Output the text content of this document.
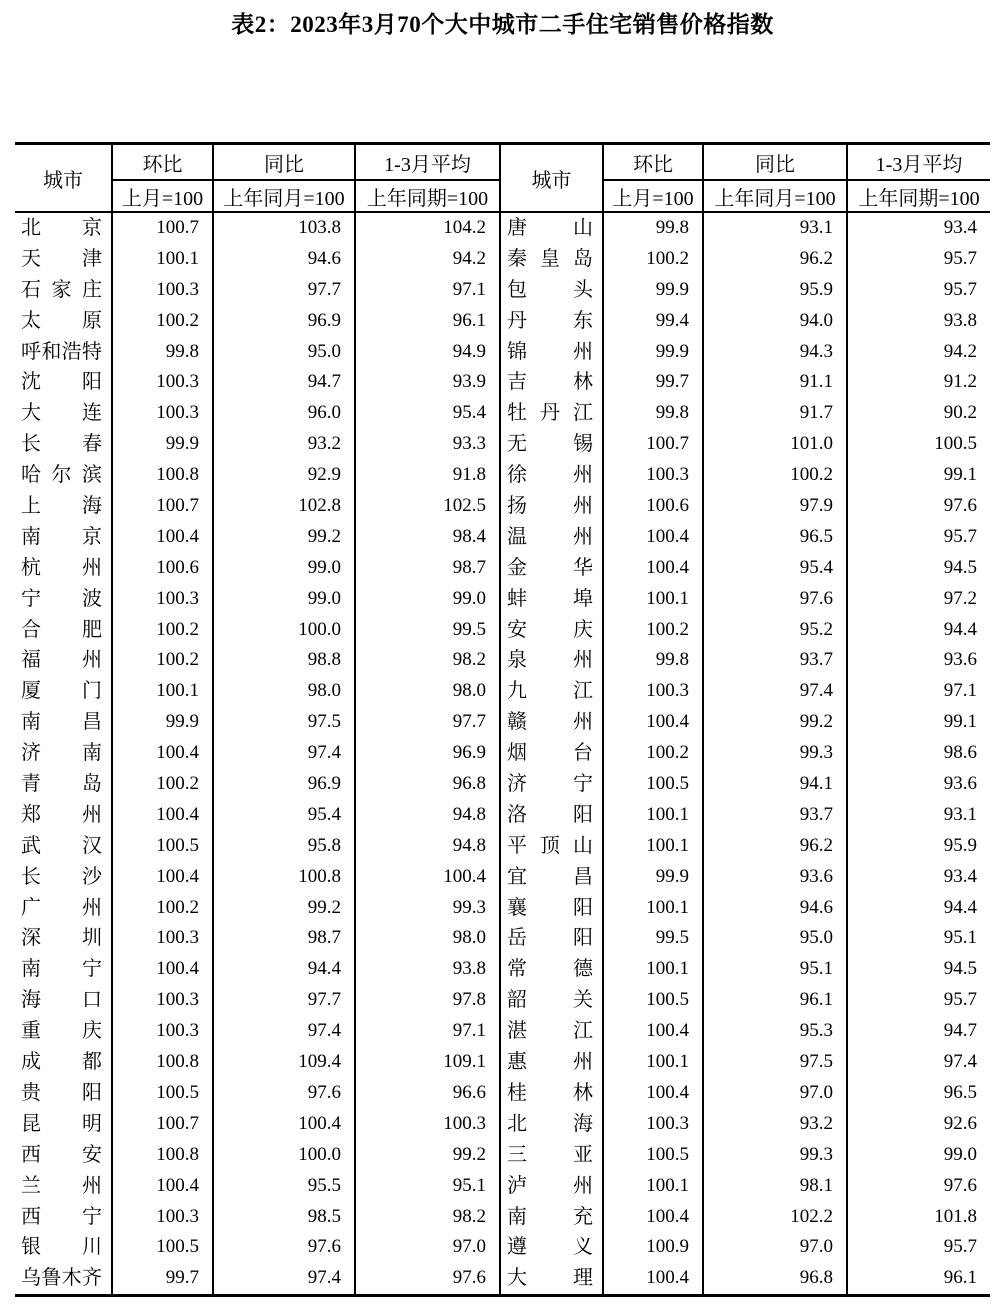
表2：2023年3月70个大中城市二手住宅销售价格指数
城市	环比	同比	1-3月平均	城市	环比	同比	1-3月平均
	上月=100	上年同月=100	上年同期=100		上月=100	上年同月=100	上年同期=100

北 京	100.7	103.8	104.2	唐 山	99.8	93.1	93.4

天 津	100.1	94.6	94.2	秦 皇 岛	100.2	96.2	95.7

石 家 庄	100.3	97.7	97.1	包 头	99.9	95.9	95.7

太 原	100.2	96.9	96.1	丹 东	99.4	94.0	93.8

呼 和 浩 特	99.8	95.0	94.9	锦 州	99.9	94.3	94.2

沈 阳	100.3	94.7	93.9	吉 林	99.7	91.1	91.2

大 连	100.3	96.0	95.4	牡 丹 江	99.8	91.7	90.2

长 春	99.9	93.2	93.3	无 锡	100.7	101.0	100.5

哈 尔 滨	100.8	92.9	91.8	徐 州	100.3	100.2	99.1

上 海	100.7	102.8	102.5	扬 州	100.6	97.9	97.6

南 京	100.4	99.2	98.4	温 州	100.4	96.5	95.7

杭 州	100.6	99.0	98.7	金 华	100.4	95.4	94.5

宁 波	100.3	99.0	99.0	蚌 埠	100.1	97.6	97.2

合 肥	100.2	100.0	99.5	安 庆	100.2	95.2	94.4

福 州	100.2	98.8	98.2	泉 州	99.8	93.7	93.6

厦 门	100.1	98.0	98.0	九 江	100.3	97.4	97.1

南 昌	99.9	97.5	97.7	赣 州	100.4	99.2	99.1

济 南	100.4	97.4	96.9	烟 台	100.2	99.3	98.6

青 岛	100.2	96.9	96.8	济 宁	100.5	94.1	93.6

郑 州	100.4	95.4	94.8	洛 阳	100.1	93.7	93.1

武 汉	100.5	95.8	94.8	平 顶 山	100.1	96.2	95.9

长 沙	100.4	100.8	100.4	宜 昌	99.9	93.6	93.4

广 州	100.2	99.2	99.3	襄 阳	100.1	94.6	94.4

深 圳	100.3	98.7	98.0	岳 阳	99.5	95.0	95.1

南 宁	100.4	94.4	93.8	常 德	100.1	95.1	94.5

海 口	100.3	97.7	97.8	韶 关	100.5	96.1	95.7

重 庆	100.3	97.4	97.1	湛 江	100.4	95.3	94.7

成 都	100.8	109.4	109.1	惠 州	100.1	97.5	97.4

贵 阳	100.5	97.6	96.6	桂 林	100.4	97.0	96.5

昆 明	100.7	100.4	100.3	北 海	100.3	93.2	92.6

西 安	100.8	100.0	99.2	三 亚	100.5	99.3	99.0

兰 州	100.4	95.5	95.1	泸 州	100.1	98.1	97.6

西 宁	100.3	98.5	98.2	南 充	100.4	102.2	101.8

银 川	100.5	97.6	97.0	遵 义	100.9	97.0	95.7

乌 鲁 木 齐	99.7	97.4	97.6	大 理	100.4	96.8	96.1
